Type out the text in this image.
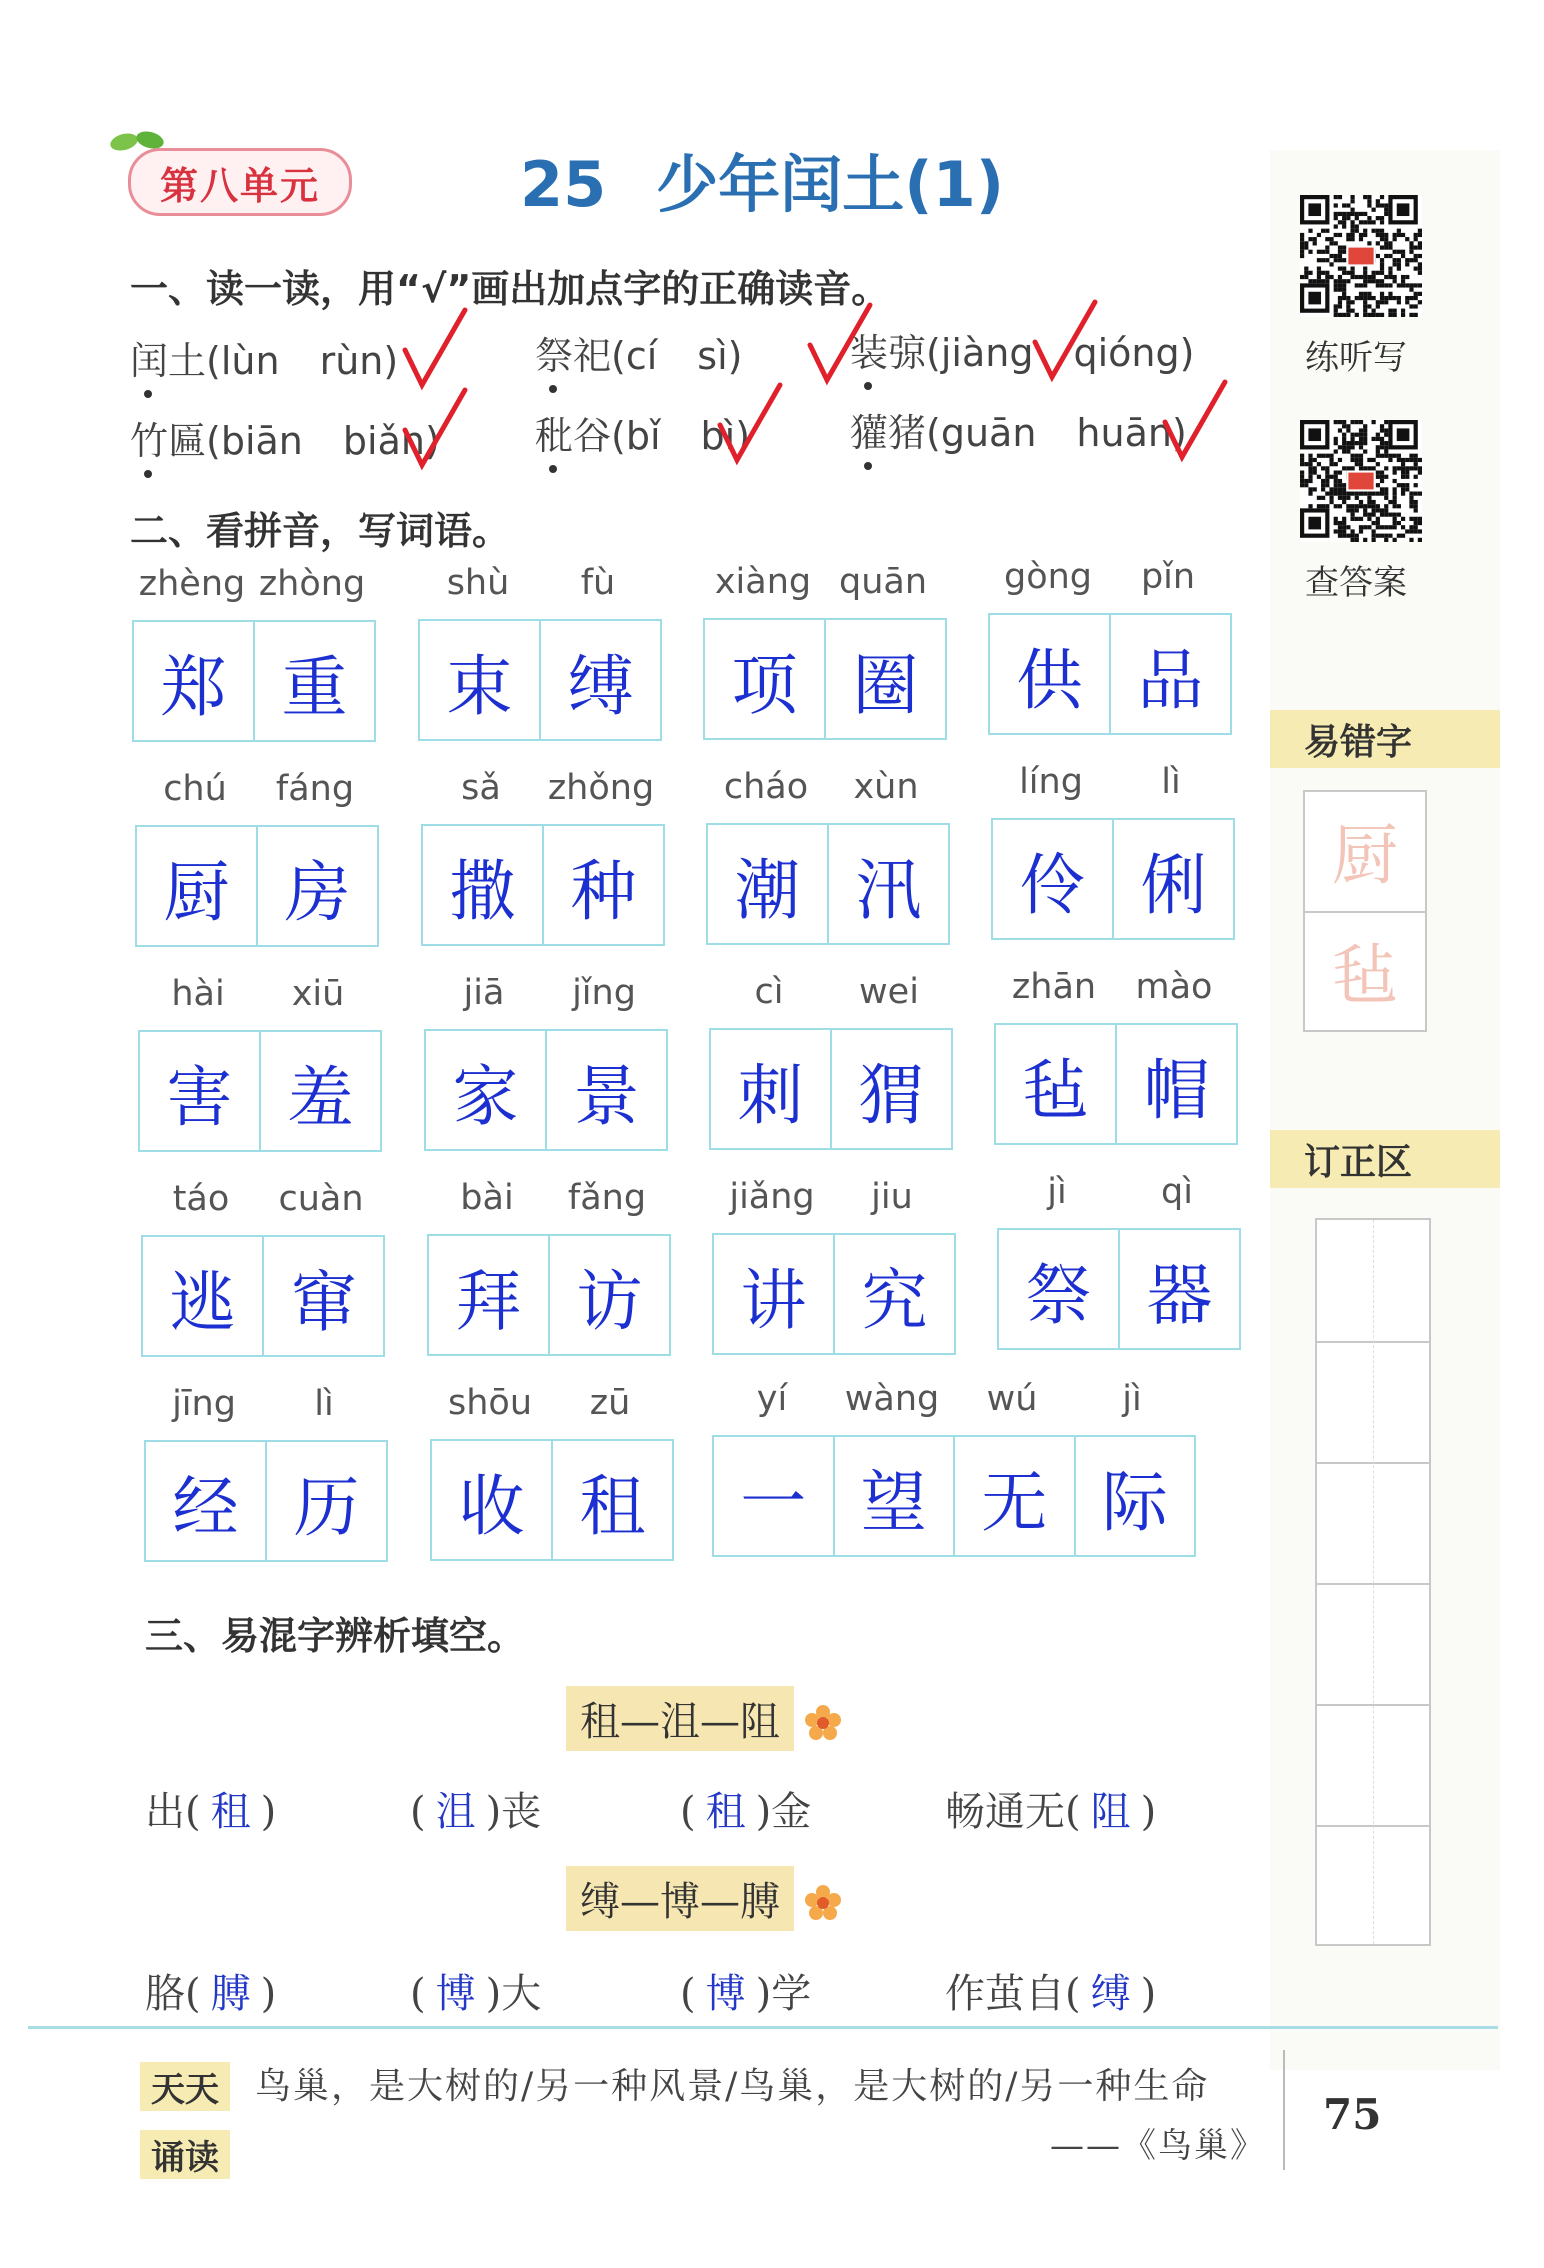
第八单元	25 少年闰土(1)
一、读一读，用“√”画出加点字的正确读音。
闰土(lùn rùn)	祭祀(cí sì)	装弶(jiàng qióng)
竹匾(biān biǎn)	秕谷(bǐ bì)	獾猪(guān huān)
二、看拼音，写词语。
zhèng zhòng
郑 重
shù	fù
束 缚
xiàng quān
项 圈
gòng	pǐn
供 品
chú	fáng
厨 房
sǎ	zhǒng
撒 种
cháo	xùn
潮 汛
líng	lì
伶 俐
hài	xiū
害 羞
jiā	jǐng
家 景
cì	wei
刺 猬
zhān	mào
毡 帽
táo	cuàn
逃 窜
bài	fǎng
拜 访
jiǎng	jiu
讲 究
jì	qì
祭 器
jīng	lì
经 历
shōu	zū
收 租
yí	wàng	wú	jì
一 望 无 际
三、易混字辨析填空。
租—沮—阻
出( 租 )	( 沮 )丧	( 租 )金	畅通无( 阻 )
缚—博—膊
胳( 膊 )	( 博 )大	( 博 )学	作茧自( 缚 )
练听写
查答案
易错字
厨
毡
订正区
天天
诵读
鸟巢，是大树的/另一种风景/鸟巢，是大树的/另一种生命
——《鸟巢》
75
